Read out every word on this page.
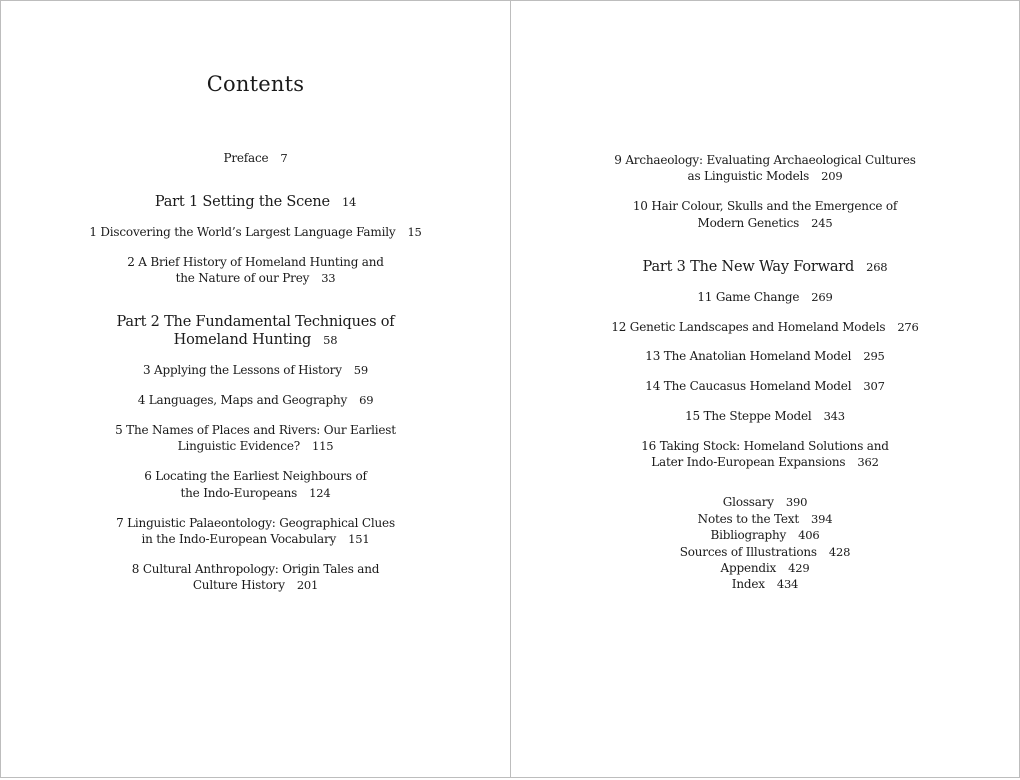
Contents
Preface 7
Part 1 Setting the Scene 14
1 Discovering the World’s Largest Language Family 15
2 A Brief History of Homeland Hunting and
the Nature of our Prey 33
Part 2 The Fundamental Techniques of
Homeland Hunting 58
3 Applying the Lessons of History 59
4 Languages, Maps and Geography 69
5 The Names of Places and Rivers: Our Earliest
Linguistic Evidence? 115
6 Locating the Earliest Neighbours of
the Indo-Europeans 124
7 Linguistic Palaeontology: Geographical Clues
in the Indo-European Vocabulary 151
8 Cultural Anthropology: Origin Tales and
Culture History 201
9 Archaeology: Evaluating Archaeological Cultures
as Linguistic Models 209
10 Hair Colour, Skulls and the Emergence of
Modern Genetics 245
Part 3 The New Way Forward 268
11 Game Change 269
12 Genetic Landscapes and Homeland Models 276
13 The Anatolian Homeland Model 295
14 The Caucasus Homeland Model 307
15 The Steppe Model 343
16 Taking Stock: Homeland Solutions and
Later Indo-European Expansions 362
Glossary 390
Notes to the Text 394
Bibliography 406
Sources of Illustrations 428
Appendix 429
Index 434
